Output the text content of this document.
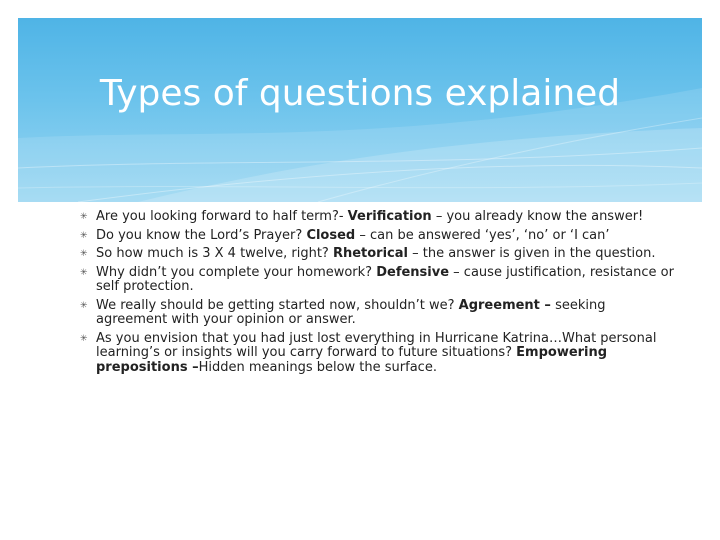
Types of questions explained
✳ Are you looking forward to half term?- Verification – you already know the answer!
✳ Do you know the Lord’s Prayer? Closed – can be answered ‘yes’, ‘no’ or ‘I can’
✳ So how much is 3 X 4 twelve, right? Rhetorical – the answer is given in the question.
✳ Why didn’t you complete your homework? Defensive – cause justification, resistance or self protection.
✳ We really should be getting started now, shouldn’t we? Agreement – seeking agreement with your opinion or answer.
✳ As you envision that you had just lost everything in Hurricane Katrina…What personal learning’s or insights will you carry forward to future situations? Empowering prepositions –Hidden meanings below the surface.
